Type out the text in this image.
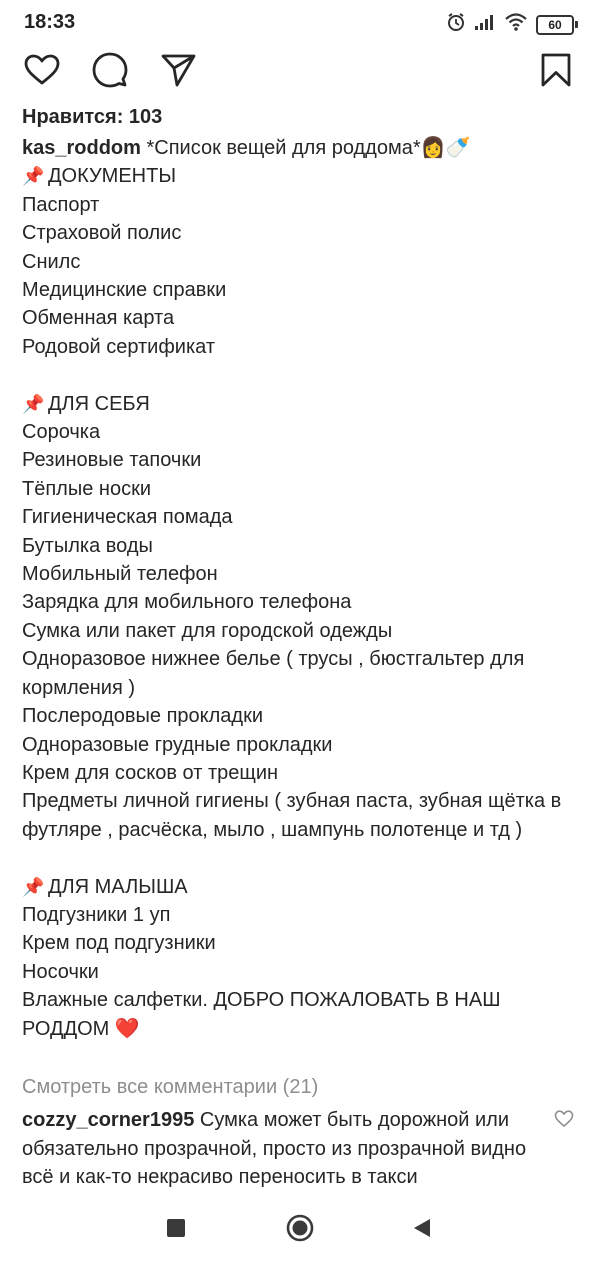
18:33	60
Нравится: 103
kas_roddom *Список вещей для роддома*👩🍼
📌 ДОКУМЕНТЫ
Паспорт
Страховой полис
Снилс
Медицинские справки
Обменная карта
Родовой сертификат
📌 ДЛЯ СЕБЯ
Сорочка
Резиновые тапочки
Тёплые носки
Гигиеническая помада
Бутылка воды
Мобильный телефон
Зарядка для мобильного телефона
Сумка или пакет для городской одежды
Одноразовое нижнее белье ( трусы , бюстгальтер для кормления )
Послеродовые прокладки
Одноразовые грудные прокладки
Крем для сосков от трещин
Предметы личной гигиены ( зубная паста, зубная щётка в футляре , расчёска, мыло , шампунь полотенце и тд )
📌 ДЛЯ МАЛЫША
Подгузники 1 уп
Крем под подгузники
Носочки
Влажные салфетки. ДОБРО ПОЖАЛОВАТЬ В НАШ РОДДОМ ❤️
Смотреть все комментарии (21)
cozzy_corner1995 Сумка может быть дорожной или обязательно прозрачной, просто из прозрачной видно всё и как-то некрасиво переносить в такси
